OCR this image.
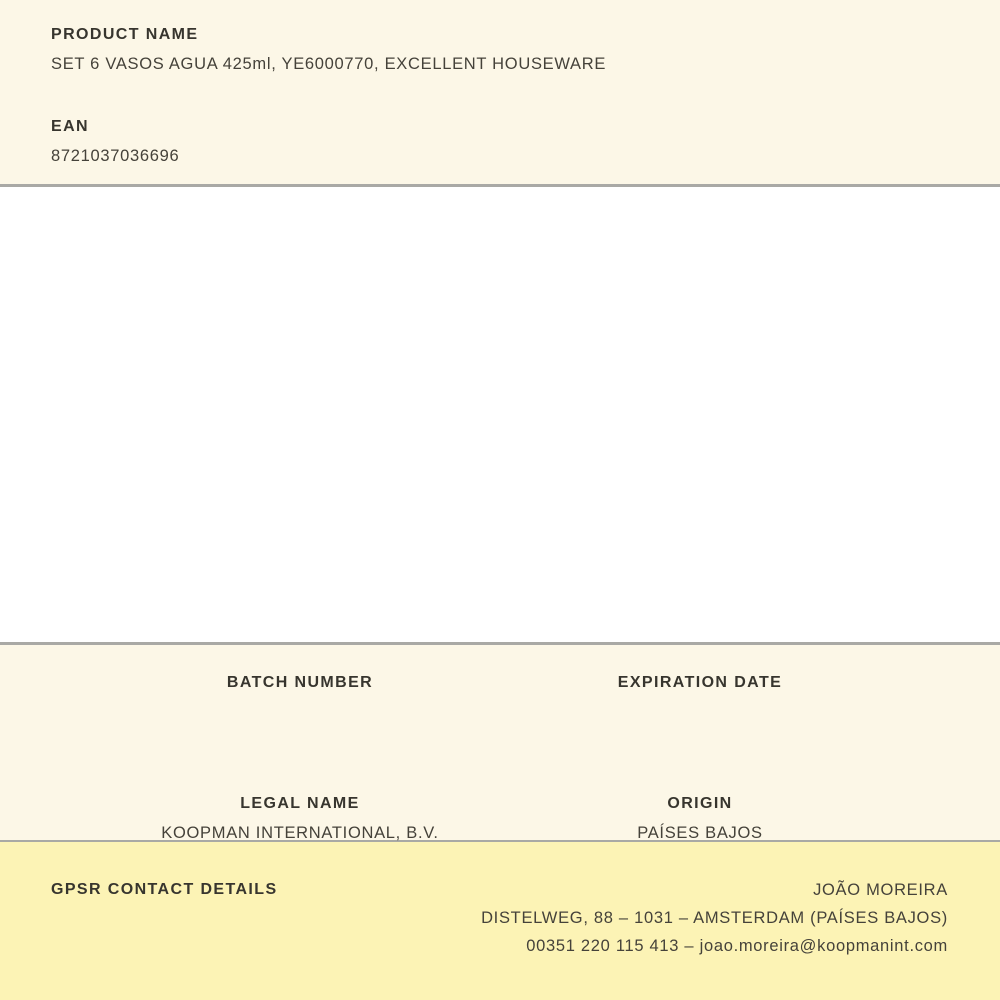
PRODUCT NAME
SET 6 VASOS AGUA 425ml, YE6000770, EXCELLENT HOUSEWARE
EAN
8721037036696
BATCH NUMBER
LEGAL NAME
KOOPMAN INTERNATIONAL, B.V.
EXPIRATION DATE
ORIGIN
PAÍSES BAJOS
GPSR CONTACT DETAILS	JOÃO MOREIRA
DISTELWEG, 88 – 1031 – AMSTERDAM (PAÍSES BAJOS)
00351 220 115 413 – joao.moreira@koopmanint.com
